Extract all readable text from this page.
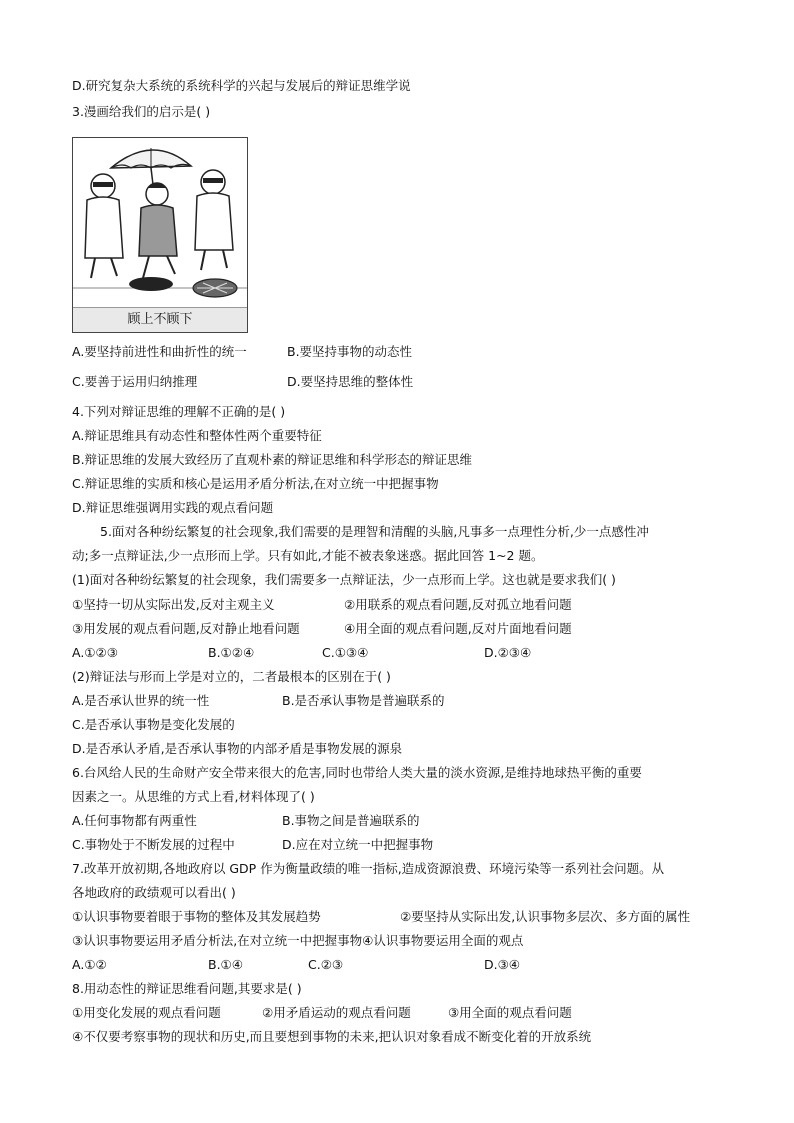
D.研究复杂大系统的系统科学的兴起与发展后的辩证思维学说
3.漫画给我们的启示是( )
顾上不顾下
A.要坚持前进性和曲折性的统一	B.要坚持事物的动态性
C.要善于运用归纳推理	D.要坚持思维的整体性
4.下列对辩证思维的理解不正确的是( )
A.辩证思维具有动态性和整体性两个重要特征
B.辩证思维的发展大致经历了直观朴素的辩证思维和科学形态的辩证思维
C.辩证思维的实质和核心是运用矛盾分析法,在对立统一中把握事物
D.辩证思维强调用实践的观点看问题
5.面对各种纷纭繁复的社会现象,我们需要的是理智和清醒的头脑,凡事多一点理性分析,少一点感性冲
动;多一点辩证法,少一点形而上学。只有如此,才能不被表象迷惑。据此回答 1~2 题。
(1)面对各种纷纭繁复的社会现象，我们需要多一点辩证法，少一点形而上学。这也就是要求我们( )
①坚持一切从实际出发,反对主观主义	②用联系的观点看问题,反对孤立地看问题
③用发展的观点看问题,反对静止地看问题	④用全面的观点看问题,反对片面地看问题
A.①②③	B.①②④	C.①③④	D.②③④
(2)辩证法与形而上学是对立的，二者最根本的区别在于( )
A.是否承认世界的统一性	B.是否承认事物是普遍联系的
C.是否承认事物是变化发展的
D.是否承认矛盾,是否承认事物的内部矛盾是事物发展的源泉
6.台风给人民的生命财产安全带来很大的危害,同时也带给人类大量的淡水资源,是维持地球热平衡的重要
因素之一。从思维的方式上看,材料体现了( )
A.任何事物都有两重性	B.事物之间是普遍联系的
C.事物处于不断发展的过程中	D.应在对立统一中把握事物
7.改革开放初期,各地政府以 GDP 作为衡量政绩的唯一指标,造成资源浪费、环境污染等一系列社会问题。从
各地政府的政绩观可以看出( )
①认识事物要着眼于事物的整体及其发展趋势	②要坚持从实际出发,认识事物多层次、多方面的属性
③认识事物要运用矛盾分析法,在对立统一中把握事物④认识事物要运用全面的观点
A.①②	B.①④	C.②③	D.③④
8.用动态性的辩证思维看问题,其要求是( )
①用变化发展的观点看问题	②用矛盾运动的观点看问题	③用全面的观点看问题
④不仅要考察事物的现状和历史,而且要想到事物的未来,把认识对象看成不断变化着的开放系统
